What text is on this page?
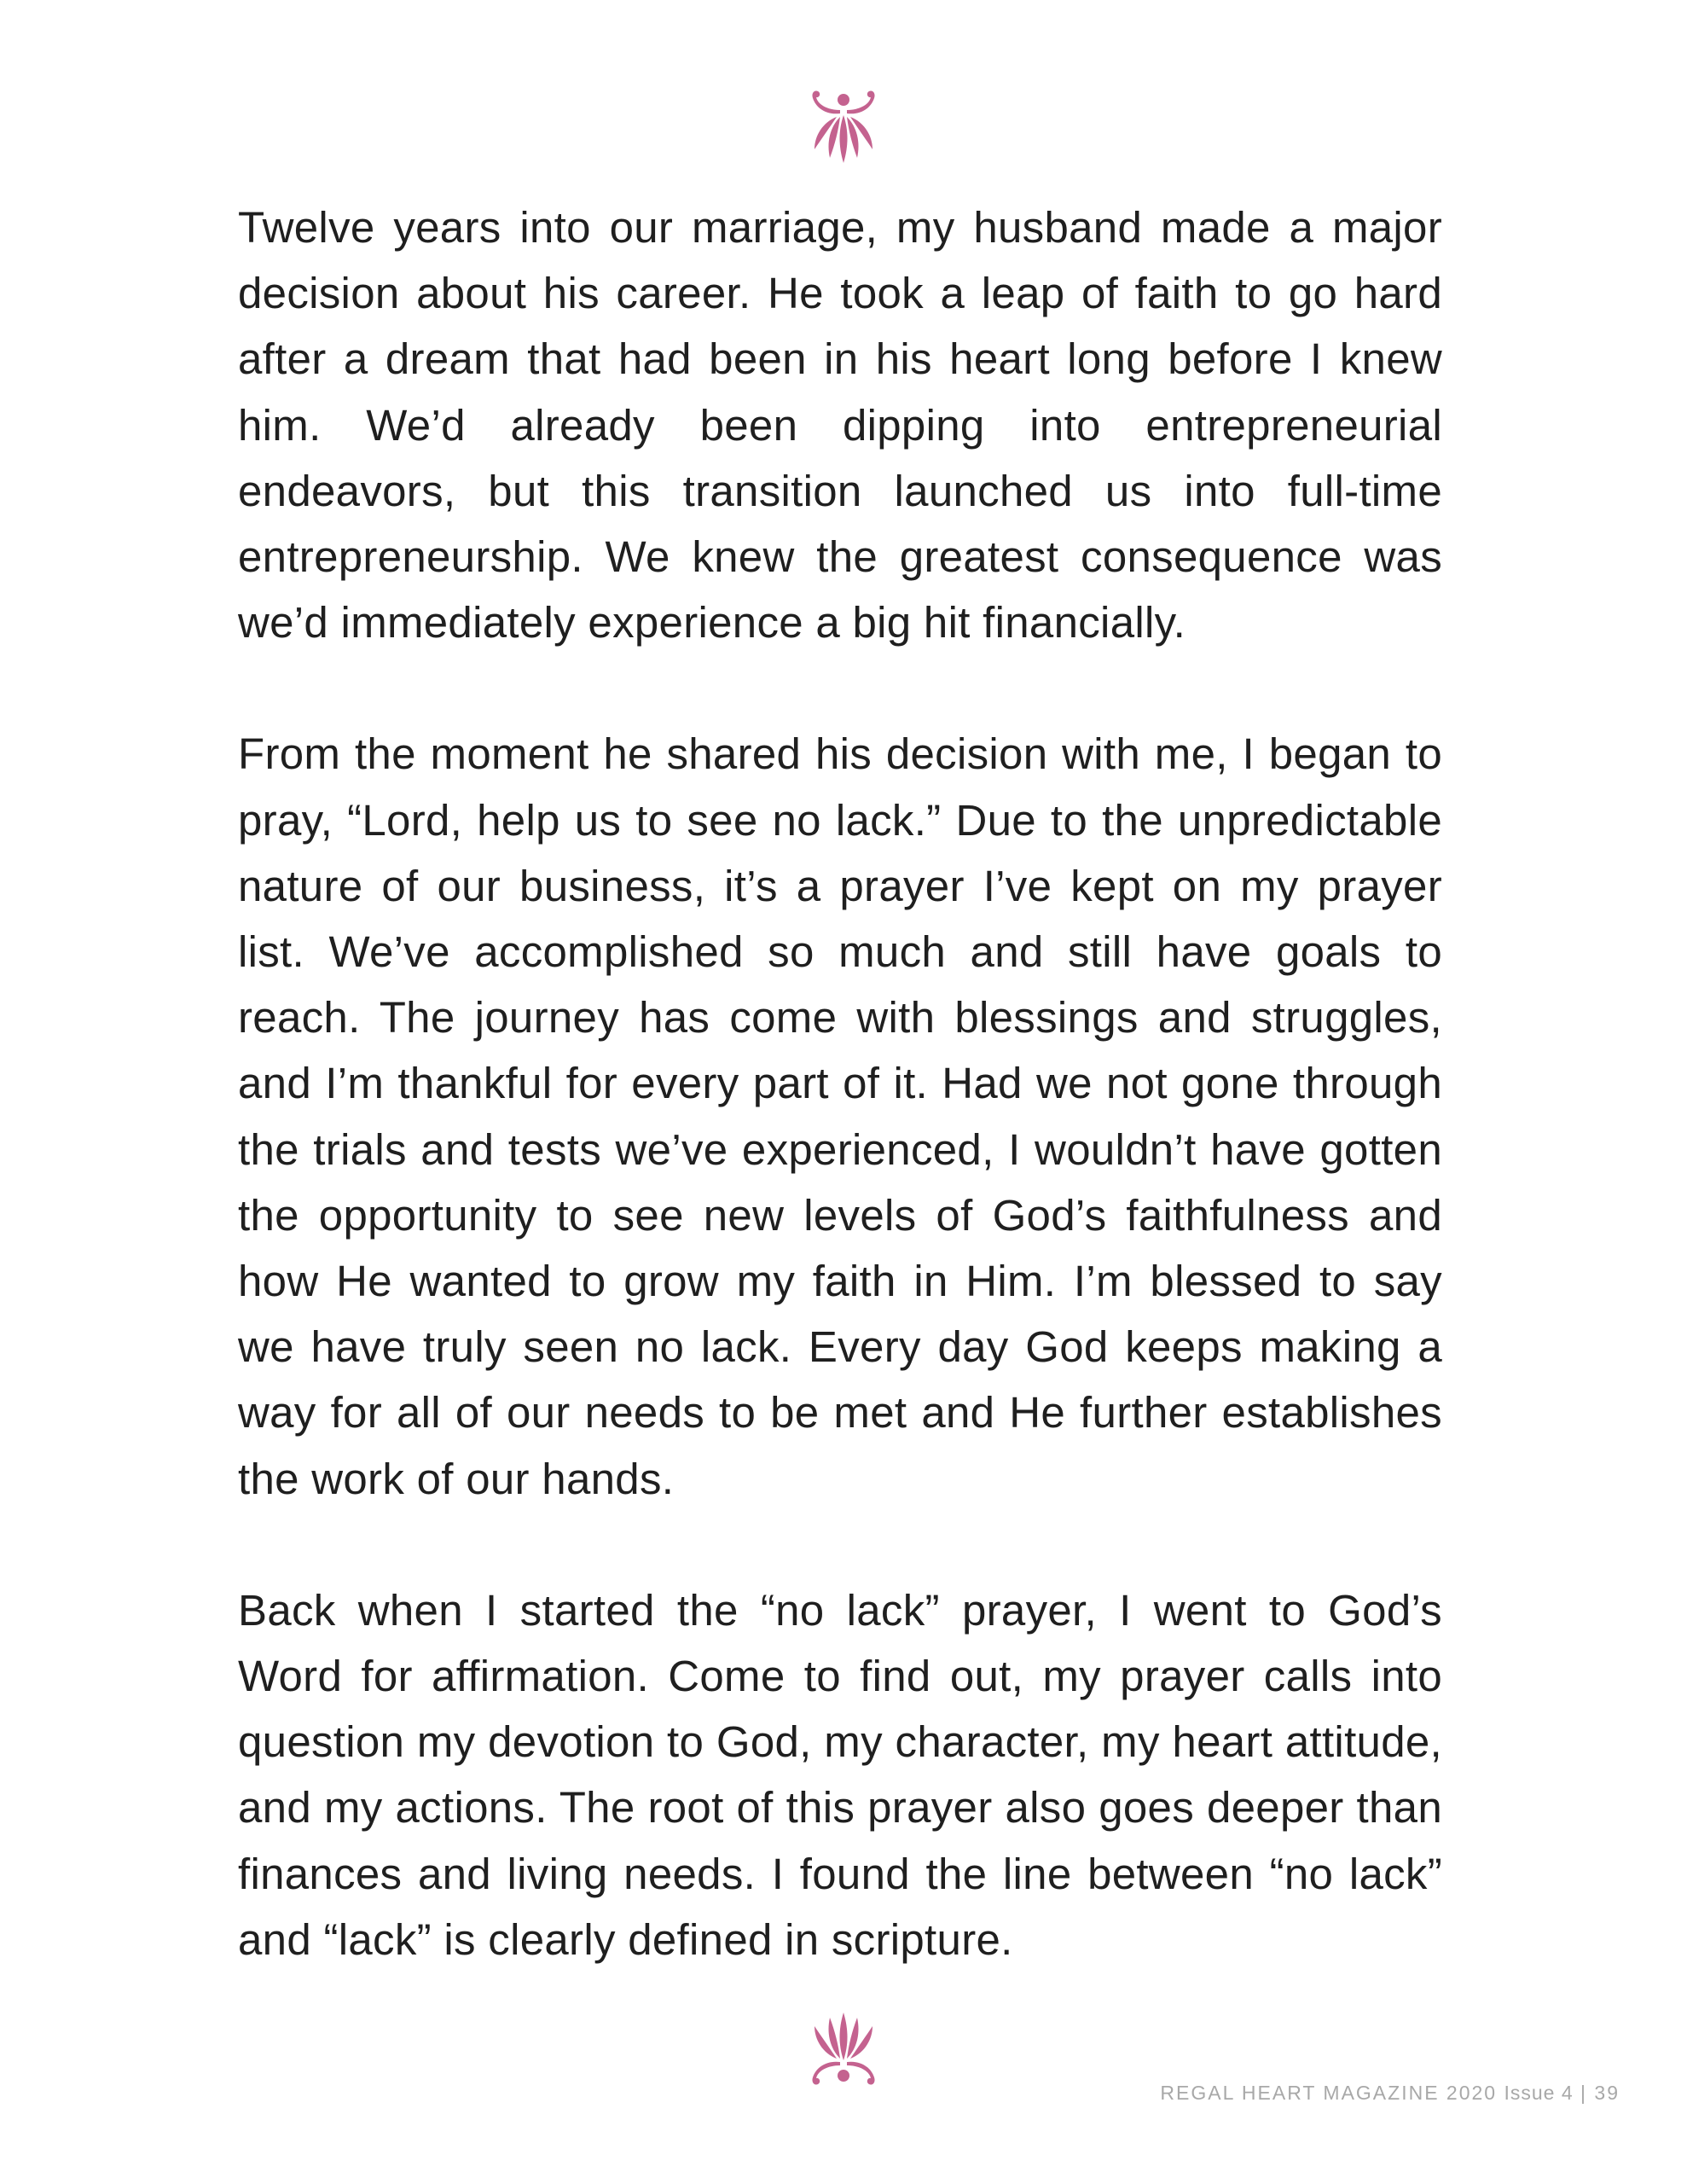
Twelve years into our marriage, my husband made a major decision about his career. He took a leap of faith to go hard after a dream that had been in his heart long before I knew him. We’d already been dipping into entrepreneurial endeavors, but this transition launched us into full-time entrepreneurship. We knew the greatest consequence was we’d immediately experience a big hit financially.

From the moment he shared his decision with me, I began to pray, “Lord, help us to see no lack.” Due to the unpredictable nature of our business, it’s a prayer I’ve kept on my prayer list. We’ve accomplished so much and still have goals to reach. The journey has come with blessings and struggles, and I’m thankful for every part of it. Had we not gone through the trials and tests we’ve experienced, I wouldn’t have gotten the opportunity to see new levels of God’s faithfulness and how He wanted to grow my faith in Him. I’m blessed to say we have truly seen no lack. Every day God keeps making a way for all of our needs to be met and He further establishes the work of our hands.

Back when I started the “no lack” prayer, I went to God’s Word for affirmation. Come to find out, my prayer calls into question my devotion to God, my character, my heart attitude, and my actions. The root of this prayer also goes deeper than finances and living needs. I found the line between “no lack” and “lack” is clearly defined in scripture.

REGAL HEART MAGAZINE 2020 Issue 4 | 39
